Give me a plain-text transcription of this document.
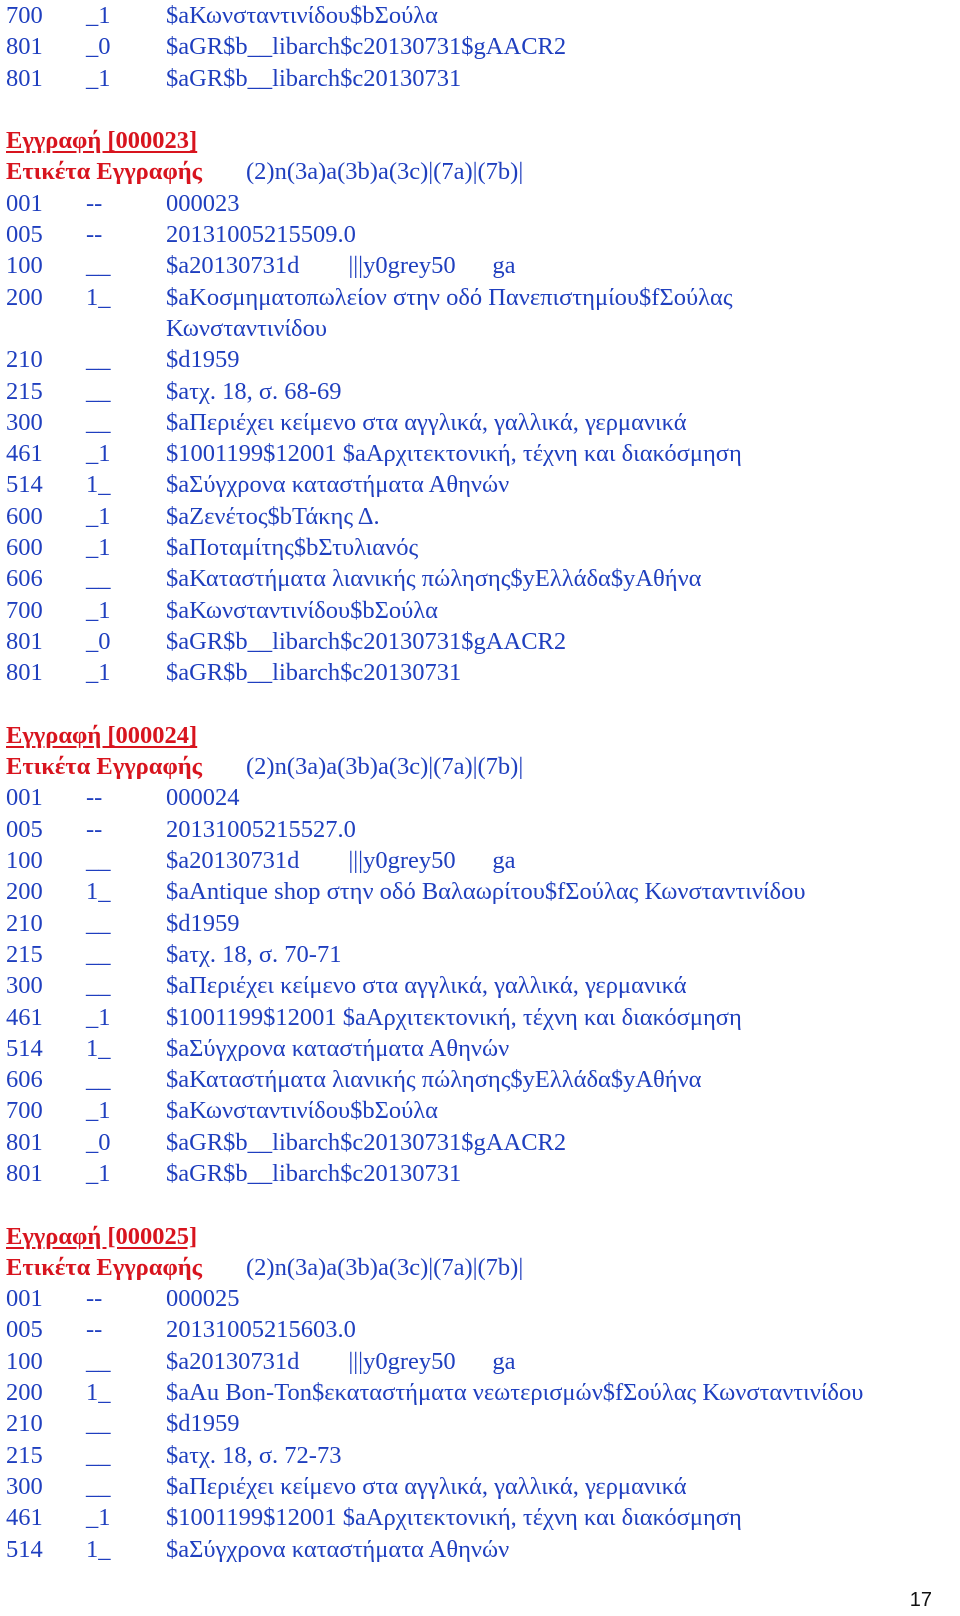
700 _1 $aΚωνσταντινίδου$bΣούλα
801 _0 $aGR$b__libarch$c20130731$gAACR2
801 _1 $aGR$b__libarch$c20130731
Εγγραφή [000023]
Ετικέτα Εγγραφής (2)n(3a)a(3b)a(3c)|(7a)|(7b)|
001 --	000023
005 --	20131005215509.0
100 __ $a20130731d        |||y0grey50      ga
200 1_ $aΚοσμηματοπωλείον στην οδό Πανεπιστημίου$fΣούλας
Κωνσταντινίδου
210 __ $d1959
215 __ $aτχ. 18, σ. 68-69
300 __ $aΠεριέχει κείμενο στα αγγλικά, γαλλικά, γερμανικά
461 _1 $1001199$12001 $aΑρχιτεκτονική, τέχνη και διακόσμηση
514 1_ $aΣύγχρονα καταστήματα Αθηνών
600 _1 $aΖενέτος$bΤάκης Δ.
600 _1 $aΠοταμίτης$bΣτυλιανός
606 __ $aΚαταστήματα λιανικής πώλησης$yΕλλάδα$yΑθήνα
700 _1 $aΚωνσταντινίδου$bΣούλα
801 _0 $aGR$b__libarch$c20130731$gAACR2
801 _1 $aGR$b__libarch$c20130731
Εγγραφή [000024]
Ετικέτα Εγγραφής (2)n(3a)a(3b)a(3c)|(7a)|(7b)|
001 --	000024
005 --	20131005215527.0
100 __ $a20130731d        |||y0grey50      ga
200 1_ $aAntique shop στην οδό Βαλαωρίτου$fΣούλας Κωνσταντινίδου
210 __ $d1959
215 __ $aτχ. 18, σ. 70-71
300 __ $aΠεριέχει κείμενο στα αγγλικά, γαλλικά, γερμανικά
461 _1 $1001199$12001 $aΑρχιτεκτονική, τέχνη και διακόσμηση
514 1_ $aΣύγχρονα καταστήματα Αθηνών
606 __ $aΚαταστήματα λιανικής πώλησης$yΕλλάδα$yΑθήνα
700 _1 $aΚωνσταντινίδου$bΣούλα
801 _0 $aGR$b__libarch$c20130731$gAACR2
801 _1 $aGR$b__libarch$c20130731
Εγγραφή [000025]
Ετικέτα Εγγραφής (2)n(3a)a(3b)a(3c)|(7a)|(7b)|
001 --	000025
005 --	20131005215603.0
100 __ $a20130731d        |||y0grey50      ga
200 1_ $aAu Bon-Ton$εκαταστήματα νεωτερισμών$fΣούλας Κωνσταντινίδου
210 __ $d1959
215 __ $aτχ. 18, σ. 72-73
300 __ $aΠεριέχει κείμενο στα αγγλικά, γαλλικά, γερμανικά
461 _1 $1001199$12001 $aΑρχιτεκτονική, τέχνη και διακόσμηση
514 1_ $aΣύγχρονα καταστήματα Αθηνών
17
